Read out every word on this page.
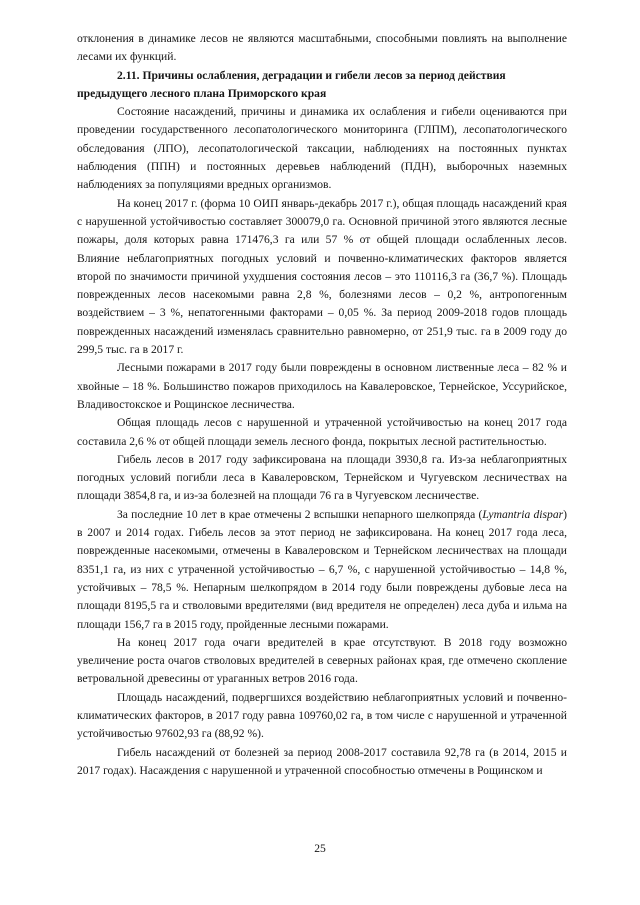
отклонения в динамике лесов не являются масштабными, способными повлиять на выполнение лесами их функций.

2.11. Причины ослабления, деградации и гибели лесов за период действия предыдущего лесного плана Приморского края

Состояние насаждений, причины и динамика их ослабления и гибели оцениваются при проведении государственного лесопатологического мониторинга (ГЛПМ), лесопатологического обследования (ЛПО), лесопатологической таксации, наблюдениях на постоянных пунктах наблюдения (ППН) и постоянных деревьев наблюдений (ПДН), выборочных наземных наблюдениях за популяциями вредных организмов.

На конец 2017 г. (форма 10 ОИП январь-декабрь 2017 г.), общая площадь насаждений края с нарушенной устойчивостью составляет 300079,0 га. Основной причиной этого являются лесные пожары, доля которых равна 171476,3 га или 57 % от общей площади ослабленных лесов. Влияние неблагоприятных погодных условий и почвенно-климатических факторов является второй по значимости причиной ухудшения состояния лесов – это 110116,3 га (36,7 %). Площадь поврежденных лесов насекомыми равна 2,8 %, болезнями лесов – 0,2 %, антропогенным воздействием – 3 %, непатогенными факторами – 0,05 %. За период 2009-2018 годов площадь поврежденных насаждений изменялась сравнительно равномерно, от 251,9 тыс. га в 2009 году до 299,5 тыс. га в 2017 г.

Лесными пожарами в 2017 году были повреждены в основном лиственные леса – 82 % и хвойные – 18 %. Большинство пожаров приходилось на Кавалеровское, Тернейское, Уссурийское, Владивостокское и Рощинское лесничества.

Общая площадь лесов с нарушенной и утраченной устойчивостью на конец 2017 года составила 2,6 % от общей площади земель лесного фонда, покрытых лесной растительностью.

Гибель лесов в 2017 году зафиксирована на площади 3930,8 га. Из-за неблагоприятных погодных условий погибли леса в Кавалеровском, Тернейском и Чугуевском лесничествах на площади 3854,8 га, и из-за болезней на площади 76 га в Чугуевском лесничестве.

За последние 10 лет в крае отмечены 2 вспышки непарного шелкопряда (Lymantria dispar) в 2007 и 2014 годах. Гибель лесов за этот период не зафиксирована. На конец 2017 года леса, поврежденные насекомыми, отмечены в Кавалеровском и Тернейском лесничествах на площади 8351,1 га, из них с утраченной устойчивостью – 6,7 %, с нарушенной устойчивостью – 14,8 %, устойчивых – 78,5 %. Непарным шелкопрядом в 2014 году были повреждены дубовые леса на площади 8195,5 га и стволовыми вредителями (вид вредителя не определен) леса дуба и ильма на площади 156,7 га в 2015 году, пройденные лесными пожарами.

На конец 2017 года очаги вредителей в крае отсутствуют. В 2018 году возможно увеличение роста очагов стволовых вредителей в северных районах края, где отмечено скопление ветровальной древесины от ураганных ветров 2016 года.

Площадь насаждений, подвергшихся воздействию неблагоприятных условий и почвенно-климатических факторов, в 2017 году равна 109760,02 га, в том числе с нарушенной и утраченной устойчивостью 97602,93 га (88,92 %).

Гибель насаждений от болезней за период 2008-2017 составила 92,78 га (в 2014, 2015 и 2017 годах). Насаждения с нарушенной и утраченной способностью отмечены в Рощинском и

25
